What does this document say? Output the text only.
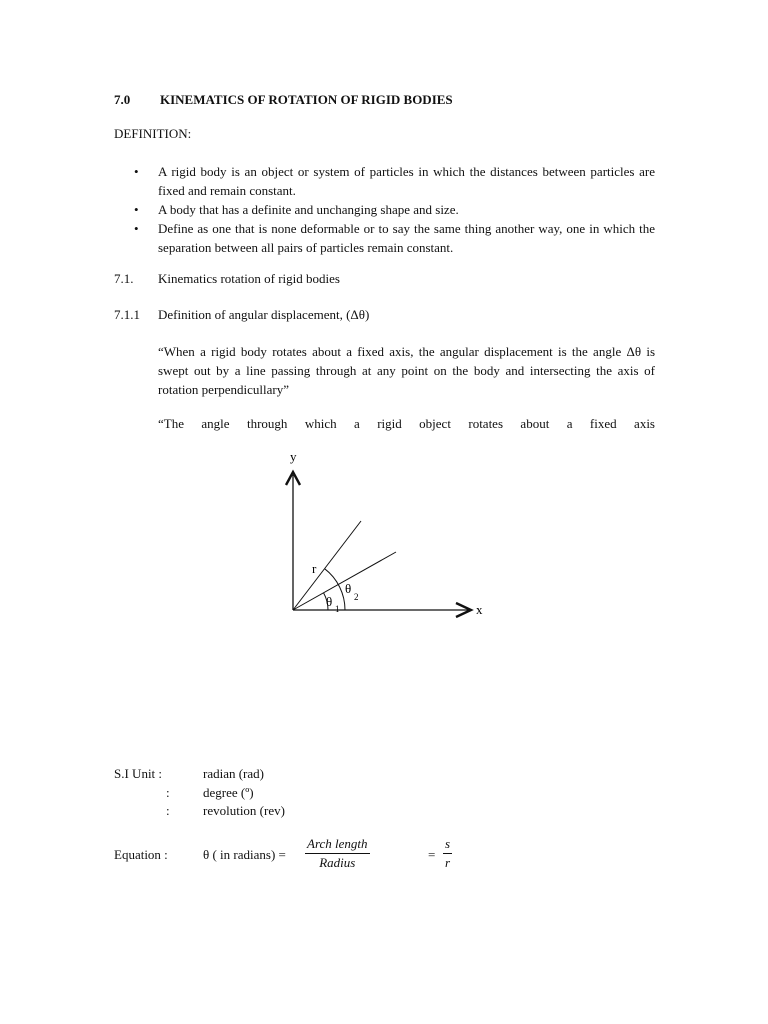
7.0 KINEMATICS OF ROTATION OF RIGID BODIES
DEFINITION:
• A rigid body is an object or system of particles in which the distances between particles are fixed and remain constant.
• A body that has a definite and unchanging shape and size.
• Define as one that is none deformable or to say the same thing another way, one in which the separation between all pairs of particles remain constant.
7.1. Kinematics rotation of rigid bodies
7.1.1 Definition of angular displacement, (Δθ)
“When a rigid body rotates about a fixed axis, the angular displacement is the angle Δθ is swept out by a line passing through at any point on the body and intersecting the axis of rotation perpendicullary”
“The angle through which a rigid object rotates about a fixed axis
y
x
r
θ
2
θ 1
S.I Unit :	radian (rad)
:	degree (º)
:	revolution (rev)
Equation :	θ ( in radians) =
Arch length
Radius
= $\frac{s}{r}$
